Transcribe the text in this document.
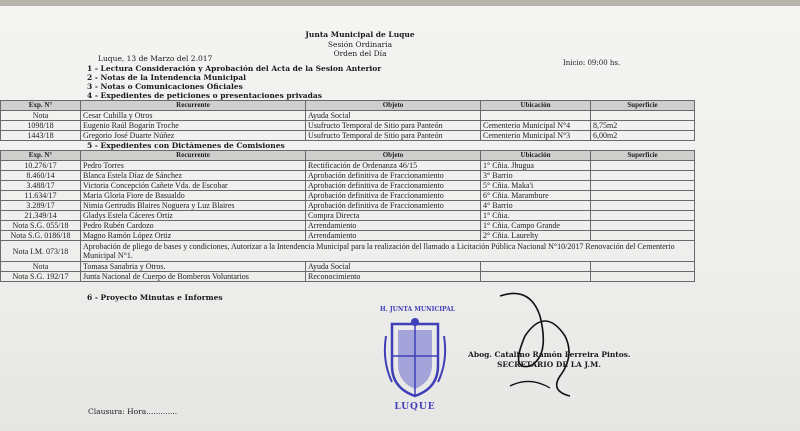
Junta Municipal de Luque
Sesión Ordinaria
Orden del Día
Luque, 13 de Marzo del 2.017	Inicio: 09:00 hs.
1 - Lectura Consideración y Aprobación del Acta de la Sesion Anterior
2 - Notas de la Intendencia Municipal
3 - Notas o Comunicaciones Oficiales
4 - Expedientes de peticiones o presentaciones privadas
Exp. N°	Recurrente	Objeto	Ubicación	Superficie
Nota	Cesar Cubilla y Otros	Ayuda Social		
1098/18	Eugenio Raúl Bogarín Troche	Usufructo Temporal de Sitio para Panteón	Cementerio Municipal N°4	8,75m2
1443/18	Gregorio José Duarte Núñez	Usufructo Temporal de Sitio para Panteón	Cementerio Municipal N°3	6,00m2
5 - Expedientes con Dictámenes de Comisiones
Exp. N°	Recurrente	Objeto	Ubicación	Superficie
10.276/17	Pedro Torres	Rectificación de Ordenanza 46/15	1° Cñia. Jhugua	
8.460/14	Blanca Estela Díaz de Sánchez	Aprobación definitiva de Fraccionamiento	3° Barrio	
3.488/17	Victoria Concepción Cañete Vda. de Escobar	Aprobación definitiva de Fraccionamiento	5° Cñia. Maka'i	
11.634/17	Maria Gloria Fiore de Basualdo	Aprobación definitiva de Fraccionamiento	6° Cñia. Marambure	
3.289/17	Nimia Gertrudis Blaires Noguera y Luz Blaires	Aprobación definitiva de Fraccionamiento	4° Barrio	
21.349/14	Gladys Estela Cáceres Ortiz	Compra Directa	1° Cñia.	
Nota S.G. 055/18	Pedro Rubén Cardozo	Arrendamiento	1° Cñia. Campo Grande	
Nota S.G. 0186/18	Magno Ramón López Ortiz	Arrendamiento	2° Cñia. Laurelty	
Nota I.M. 073/18	Aprobación de pliego de bases y condiciones, Autorizar a la Intendencia Municipal para la realización del llamado a Licitación Pública Nacional N°10/2017 Renovación del Cementerio Municipal N°1.			
Nota	Tomasa Sanabria y Otros.	Ayuda Social		
Nota S.G. 192/17	Junta Nacional de Cuerpo de Bomberos Voluntarios	Reconocimiento		
6 - Proyecto Minutas e Informes
H. JUNTA MUNICIPAL
LUQUE
Abog. Catalino Ramón Ferreira Pintos.
SECRETARIO DE LA J.M.
Clausura: Hora.............
